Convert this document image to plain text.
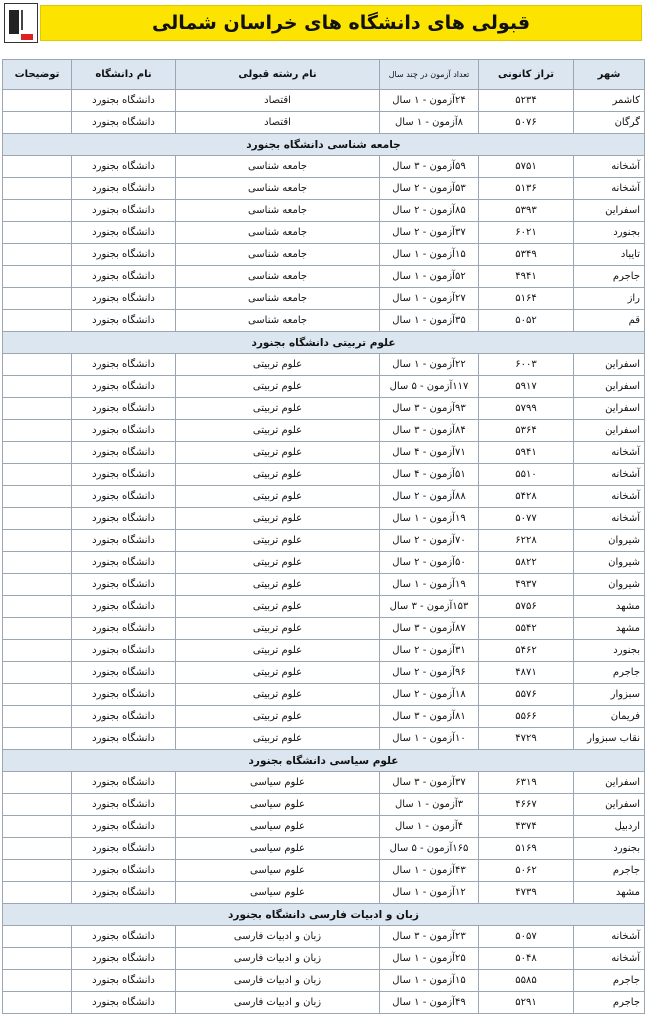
قبولی های دانشگاه های خراسان شمالی
شهر	تراز کانونی	تعداد آزمون در چند سال	نام رشته قبولی	نام دانشگاه	توضیحات
کاشمر	۵۲۳۴	۲۴آزمون - ۱ سال	اقتصاد	دانشگاه بجنورد	
گرگان	۵۰۷۶	۸آزمون - ۱ سال	اقتصاد	دانشگاه بجنورد	
جامعه شناسی دانشگاه بجنورد					
آشخانه	۵۷۵۱	۵۹آزمون - ۳ سال	جامعه شناسی	دانشگاه بجنورد	
آشخانه	۵۱۳۶	۵۳آزمون - ۲ سال	جامعه شناسی	دانشگاه بجنورد	
اسفراین	۵۳۹۳	۸۵آزمون - ۲ سال	جامعه شناسی	دانشگاه بجنورد	
بجنورد	۶۰۲۱	۳۷آزمون - ۲ سال	جامعه شناسی	دانشگاه بجنورد	
تایباد	۵۳۴۹	۱۵آزمون - ۱ سال	جامعه شناسی	دانشگاه بجنورد	
جاجرم	۴۹۴۱	۵۲آزمون - ۱ سال	جامعه شناسی	دانشگاه بجنورد	
راز	۵۱۶۴	۲۷آزمون - ۱ سال	جامعه شناسی	دانشگاه بجنورد	
قم	۵۰۵۲	۳۵آزمون - ۱ سال	جامعه شناسی	دانشگاه بجنورد	
علوم تربیتی دانشگاه بجنورد					
اسفراین	۶۰۰۳	۲۲آزمون - ۱ سال	علوم تربیتی	دانشگاه بجنورد	
اسفراین	۵۹۱۷	۱۱۷آزمون - ۵ سال	علوم تربیتی	دانشگاه بجنورد	
اسفراین	۵۷۹۹	۹۳آزمون - ۳ سال	علوم تربیتی	دانشگاه بجنورد	
اسفراین	۵۳۶۴	۸۴آزمون - ۳ سال	علوم تربیتی	دانشگاه بجنورد	
آشخانه	۵۹۴۱	۷۱آزمون - ۴ سال	علوم تربیتی	دانشگاه بجنورد	
آشخانه	۵۵۱۰	۵۱آزمون - ۴ سال	علوم تربیتی	دانشگاه بجنورد	
آشخانه	۵۴۲۸	۸۸آزمون - ۲ سال	علوم تربیتی	دانشگاه بجنورد	
آشخانه	۵۰۷۷	۱۹آزمون - ۱ سال	علوم تربیتی	دانشگاه بجنورد	
شیروان	۶۲۲۸	۷۰آزمون - ۲ سال	علوم تربیتی	دانشگاه بجنورد	
شیروان	۵۸۲۲	۵۰آزمون - ۲ سال	علوم تربیتی	دانشگاه بجنورد	
شیروان	۴۹۳۷	۱۹آزمون - ۱ سال	علوم تربیتی	دانشگاه بجنورد	
مشهد	۵۷۵۶	۱۵۳آزمون - ۳ سال	علوم تربیتی	دانشگاه بجنورد	
مشهد	۵۵۴۲	۸۷آزمون - ۳ سال	علوم تربیتی	دانشگاه بجنورد	
بجنورد	۵۴۶۲	۳۱آزمون - ۲ سال	علوم تربیتی	دانشگاه بجنورد	
جاجرم	۴۸۷۱	۹۶آزمون - ۲ سال	علوم تربیتی	دانشگاه بجنورد	
سبزوار	۵۵۷۶	۱۸آزمون - ۲ سال	علوم تربیتی	دانشگاه بجنورد	
فریمان	۵۵۶۶	۸۱آزمون - ۳ سال	علوم تربیتی	دانشگاه بجنورد	
نقاب سبزوار	۴۷۲۹	۱۰آزمون - ۱ سال	علوم تربیتی	دانشگاه بجنورد	
علوم سیاسی دانشگاه بجنورد					
اسفراین	۶۳۱۹	۳۷آزمون - ۳ سال	علوم سیاسی	دانشگاه بجنورد	
اسفراین	۴۶۶۷	۳آزمون - ۱ سال	علوم سیاسی	دانشگاه بجنورد	
اردبیل	۴۳۷۴	۴آزمون - ۱ سال	علوم سیاسی	دانشگاه بجنورد	
بجنورد	۵۱۶۹	۱۶۵آزمون - ۵ سال	علوم سیاسی	دانشگاه بجنورد	
جاجرم	۵۰۶۲	۴۳آزمون - ۱ سال	علوم سیاسی	دانشگاه بجنورد	
مشهد	۴۷۳۹	۱۲آزمون - ۱ سال	علوم سیاسی	دانشگاه بجنورد	
زبان و ادبیات فارسی دانشگاه بجنورد					
آشخانه	۵۰۵۷	۲۳آزمون - ۳ سال	زبان و ادبیات فارسی	دانشگاه بجنورد	
آشخانه	۵۰۴۸	۲۵آزمون - ۱ سال	زبان و ادبیات فارسی	دانشگاه بجنورد	
جاجرم	۵۵۸۵	۱۵آزمون - ۱ سال	زبان و ادبیات فارسی	دانشگاه بجنورد	
جاجرم	۵۲۹۱	۴۹آزمون - ۱ سال	زبان و ادبیات فارسی	دانشگاه بجنورد	
